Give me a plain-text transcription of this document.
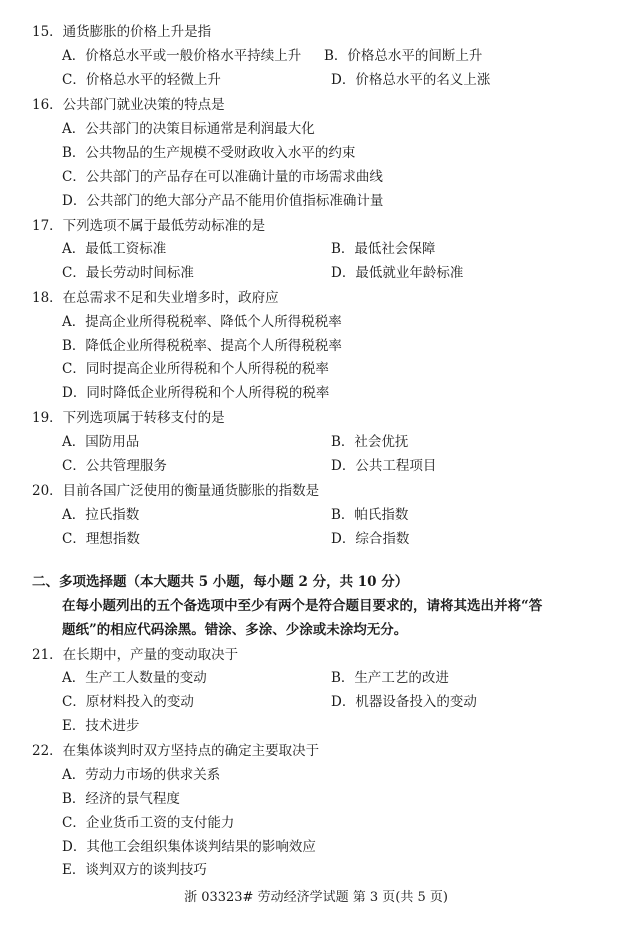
15．通货膨胀的价格上升是指
A．价格总水平或一般价格水平持续上升 B．价格总水平的间断上升
C．价格总水平的轻微上升	D．价格总水平的名义上涨
16．公共部门就业决策的特点是
A．公共部门的决策目标通常是利润最大化
B．公共物品的生产规模不受财政收入水平的约束
C．公共部门的产品存在可以准确计量的市场需求曲线
D．公共部门的绝大部分产品不能用价值指标准确计量
17．下列选项不属于最低劳动标准的是
A．最低工资标准	B．最低社会保障
C．最长劳动时间标准	D．最低就业年龄标准
18．在总需求不足和失业增多时，政府应
A．提高企业所得税税率、降低个人所得税税率
B．降低企业所得税税率、提高个人所得税税率
C．同时提高企业所得税和个人所得税的税率
D．同时降低企业所得税和个人所得税的税率
19．下列选项属于转移支付的是
A．国防用品	B．社会优抚
C．公共管理服务	D．公共工程项目
20．目前各国广泛使用的衡量通货膨胀的指数是
A．拉氏指数	B．帕氏指数
C．理想指数	D．综合指数
二、多项选择题（本大题共 5 小题，每小题 2 分，共 10 分）
在每小题列出的五个备选项中至少有两个是符合题目要求的，请将其选出并将“答
题纸”的相应代码涂黑。错涂、多涂、少涂或未涂均无分。
21．在长期中，产量的变动取决于
A．生产工人数量的变动	B．生产工艺的改进
C．原材料投入的变动	D．机器设备投入的变动
E．技术进步
22．在集体谈判时双方坚持点的确定主要取决于
A．劳动力市场的供求关系
B．经济的景气程度
C．企业货币工资的支付能力
D．其他工会组织集体谈判结果的影响效应
E．谈判双方的谈判技巧
浙 03323# 劳动经济学试题 第 3 页(共 5 页)
